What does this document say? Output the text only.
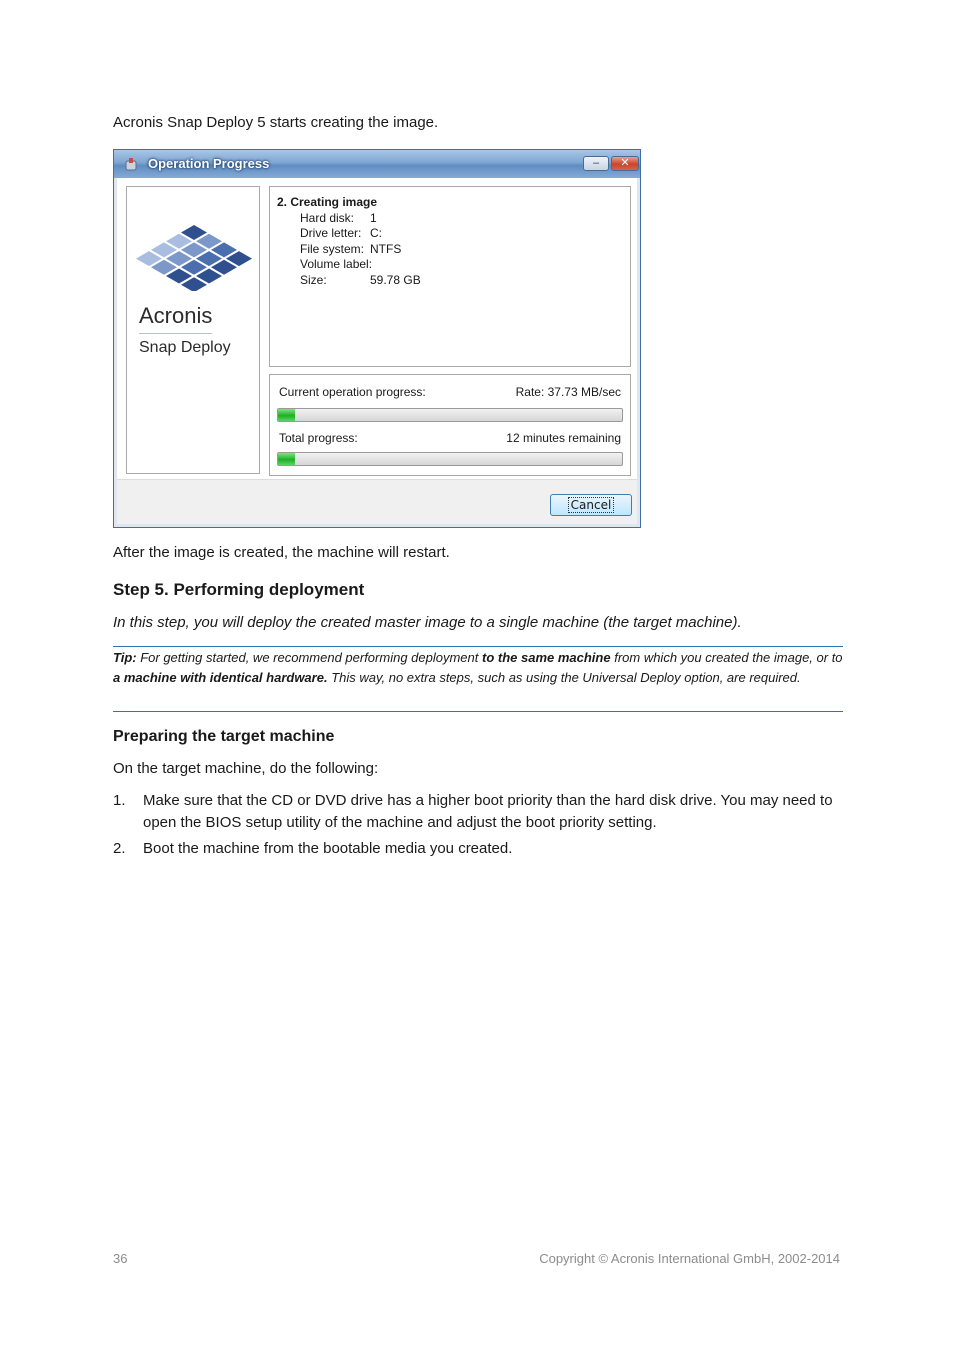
Acronis Snap Deploy 5 starts creating the image.
Operation Progress	–	✕
Acronis
Snap Deploy
2. Creating image
Hard disk: 1
Drive letter: C:
File system: NTFS
Volume label:
Size:	59.78 GB
Current operation progress:	Rate: 37.73 MB/sec
Total progress:	12 minutes remaining
Cancel
After the image is created, the machine will restart.
Step 5. Performing deployment
In this step, you will deploy the created master image to a single machine (the target machine).
Tip: For getting started, we recommend performing deployment to the same machine from which you created the image, or to a machine with identical hardware. This way, no extra steps, such as using the Universal Deploy option, are required.
Preparing the target machine
On the target machine, do the following:
1. Make sure that the CD or DVD drive has a higher boot priority than the hard disk drive. You may need to open the BIOS setup utility of the machine and adjust the boot priority setting.
2. Boot the machine from the bootable media you created.
36	Copyright © Acronis International GmbH, 2002-2014
